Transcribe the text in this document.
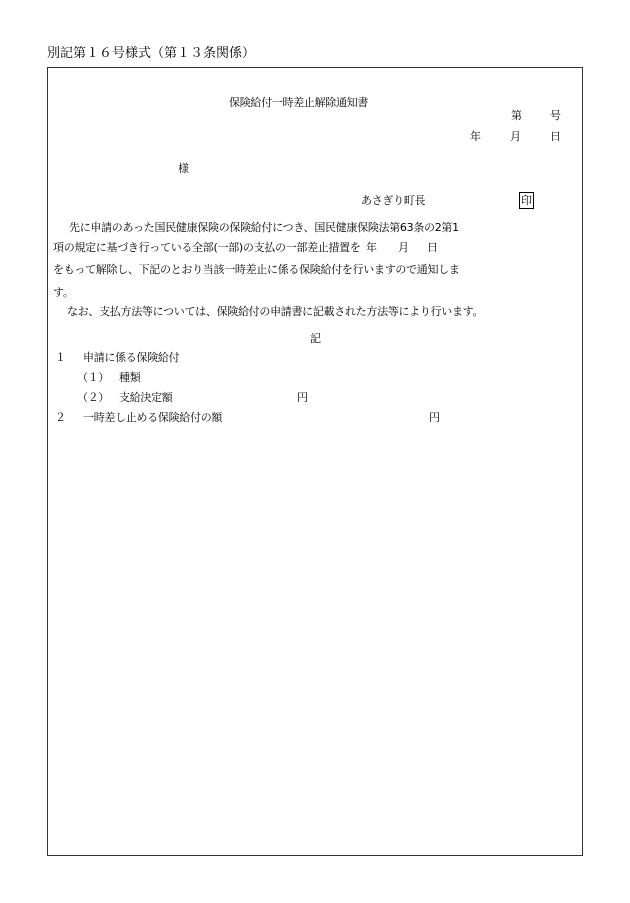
別記第１６号様式（第１３条関係）
保険給付一時差止解除通知書
第	号
年	月	日
様
あさぎり町長	印
先に申請のあった国民健康保険の保険給付につき、国民健康保険法第63条の2第1
項の規定に基づき行っている全部(一部)の支払の一部差止措置を 年 月 日
をもって解除し、下記のとおり当該一時差止に係る保険給付を行いますので通知しま
す。
なお、支払方法等については、保険給付の申請書に記載された方法等により行います。
記
１ 申請に係る保険給付
（１） 種類
（２） 支給決定額	円
２ 一時差し止める保険給付の額	円
